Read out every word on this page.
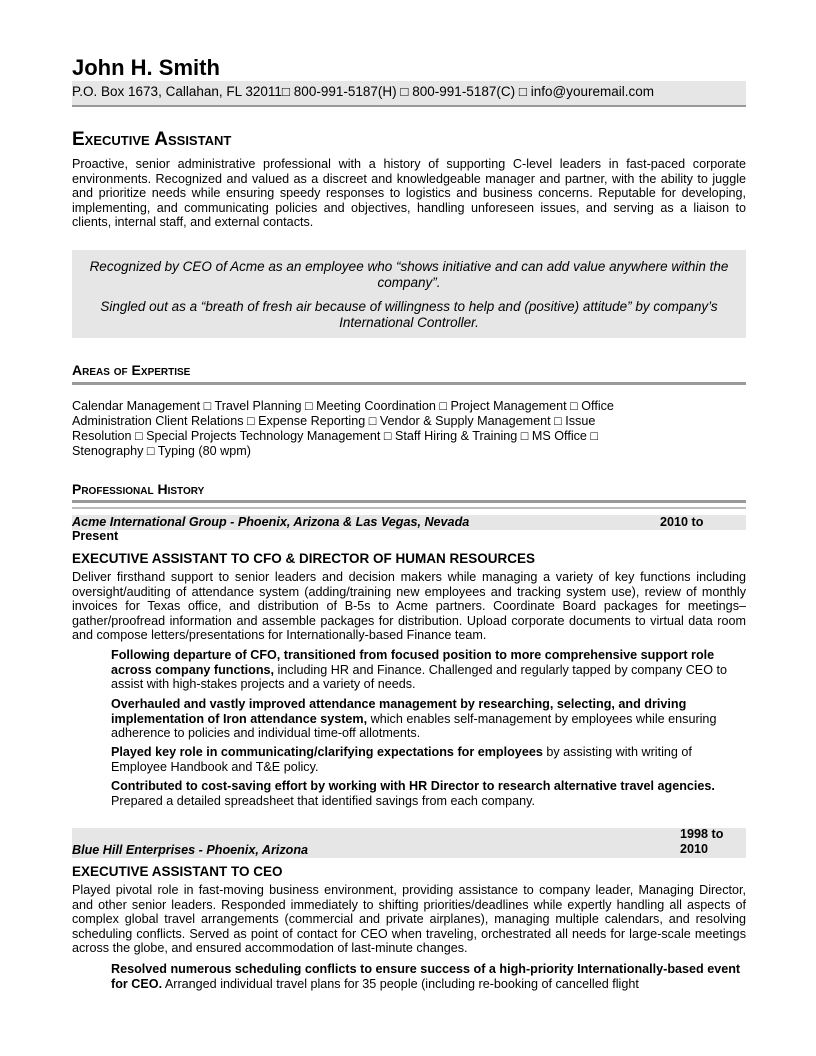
John H. Smith
P.O. Box 1673, Callahan, FL 32011□ 800-991-5187(H) □ 800-991-5187(C) □ info@youremail.com
Executive Assistant
Proactive, senior administrative professional with a history of supporting C-level leaders in fast-paced corporate environments. Recognized and valued as a discreet and knowledgeable manager and partner, with the ability to juggle and prioritize needs while ensuring speedy responses to logistics and business concerns. Reputable for developing, implementing, and communicating policies and objectives, handling unforeseen issues, and serving as a liaison to clients, internal staff, and external contacts.
Recognized by CEO of Acme as an employee who “shows initiative and can add value anywhere within the company”.
Singled out as a “breath of fresh air because of willingness to help and (positive) attitude” by company’s International Controller.
Areas of Expertise
Calendar Management □ Travel Planning □ Meeting Coordination □ Project Management □ Office Administration Client Relations □ Expense Reporting □ Vendor & Supply Management □ Issue Resolution □ Special Projects Technology Management □ Staff Hiring & Training □ MS Office □ Stenography □ Typing (80 wpm)
Professional History
Acme International Group - Phoenix, Arizona & Las Vegas, Nevada	2010 to
Present
EXECUTIVE ASSISTANT TO CFO & DIRECTOR OF HUMAN RESOURCES
Deliver firsthand support to senior leaders and decision makers while managing a variety of key functions including oversight/auditing of attendance system (adding/training new employees and tracking system use), review of monthly invoices for Texas office, and distribution of B-5s to Acme partners. Coordinate Board packages for meetings–gather/proofread information and assemble packages for distribution. Upload corporate documents to virtual data room and compose letters/presentations for Internationally-based Finance team.
Following departure of CFO, transitioned from focused position to more comprehensive support role across company functions, including HR and Finance. Challenged and regularly tapped by company CEO to assist with high-stakes projects and a variety of needs.
Overhauled and vastly improved attendance management by researching, selecting, and driving implementation of Iron attendance system, which enables self-management by employees while ensuring adherence to policies and individual time-off allotments.
Played key role in communicating/clarifying expectations for employees by assisting with writing of Employee Handbook and T&E policy.
Contributed to cost-saving effort by working with HR Director to research alternative travel agencies. Prepared a detailed spreadsheet that identified savings from each company.
1998 to
2010
Blue Hill Enterprises - Phoenix, Arizona
EXECUTIVE ASSISTANT TO CEO
Played pivotal role in fast-moving business environment, providing assistance to company leader, Managing Director, and other senior leaders. Responded immediately to shifting priorities/deadlines while expertly handling all aspects of complex global travel arrangements (commercial and private airplanes), managing multiple calendars, and resolving scheduling conflicts. Served as point of contact for CEO when traveling, orchestrated all needs for large-scale meetings across the globe, and ensured accommodation of last-minute changes.
Resolved numerous scheduling conflicts to ensure success of a high-priority Internationally-based event for CEO. Arranged individual travel plans for 35 people (including re-booking of cancelled flight
